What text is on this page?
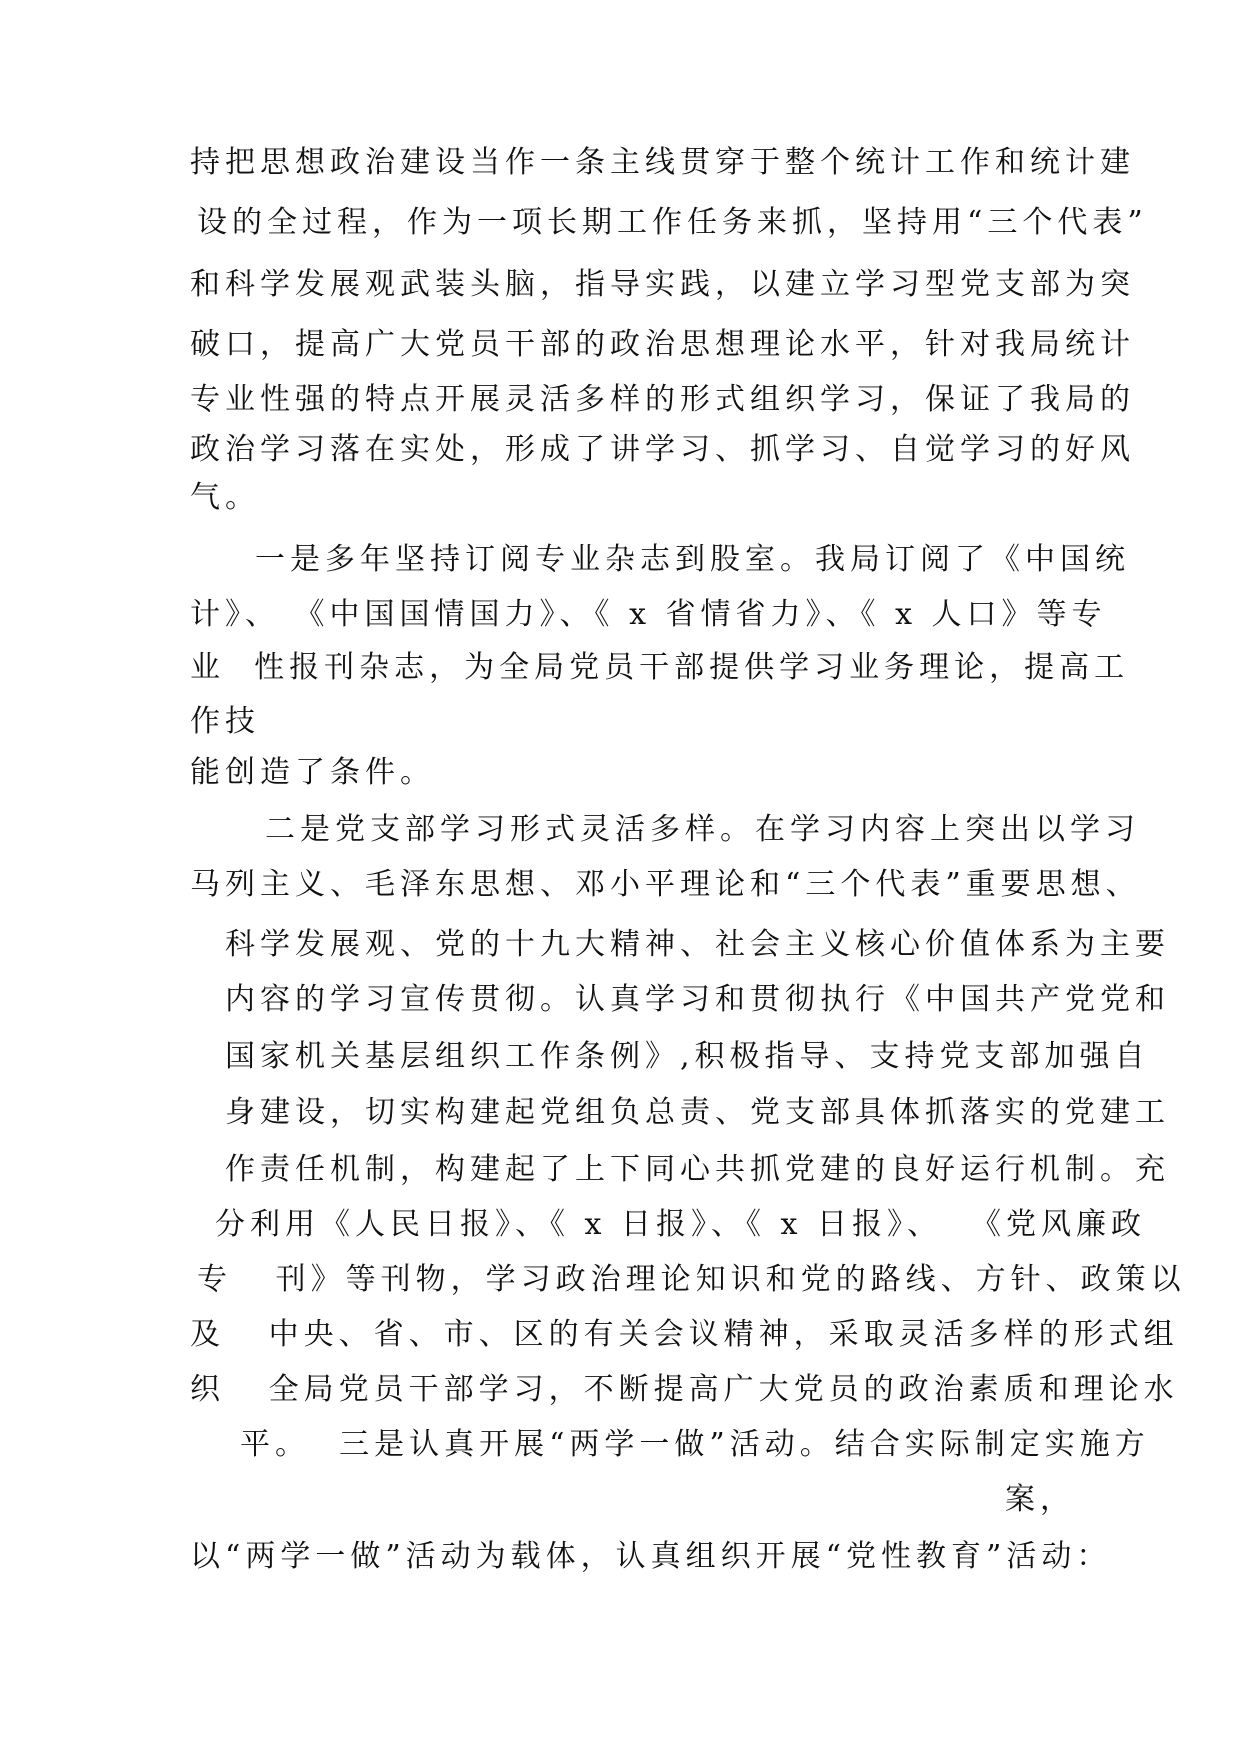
持把思想政治建设当作一条主线贯穿于整个统计工作和统计建

设的全过程，作为一项长期工作任务来抓，坚持用“三个代表”

和科学发展观武装头脑，指导实践，以建立学习型党支部为突

破口，提高广大党员干部的政治思想理论水平，针对我局统计

专业性强的特点开展灵活多样的形式组织学习，保证了我局的

政治学习落在实处，形成了讲学习、抓学习、自觉学习的好风

气。

一是多年坚持订阅专业杂志到股室。我局订阅了《中国统

计》、 《中国国情国力》、《 x 省情省力》、《 x 人口》等专

业  性报刊杂志，为全局党员干部提供学习业务理论，提高工

作技

能创造了条件。

二是党支部学习形式灵活多样。在学习内容上突出以学习

马列主义、毛泽东思想、邓小平理论和“三个代表”重要思想、

科学发展观、党的十九大精神、社会主义核心价值体系为主要

内容的学习宣传贯彻。认真学习和贯彻执行《中国共产党党和

国家机关基层组织工作条例》,积极指导、支持党支部加强自

身建设，切实构建起党组负总责、党支部具体抓落实的党建工

作责任机制，构建起了上下同心共抓党建的良好运行机制。充

分利用《人民日报》、《 x 日报》、《 x 日报》、  《党风廉政

专   刊》等刊物，学习政治理论知识和党的路线、方针、政策以

及   中央、省、市、区的有关会议精神，采取灵活多样的形式组

织   全局党员干部学习，不断提高广大党员的政治素质和理论水

平。  三是认真开展“两学一做”活动。结合实际制定实施方

案，

以“两学一做”活动为载体，认真组织开展“党性教育”活动：
